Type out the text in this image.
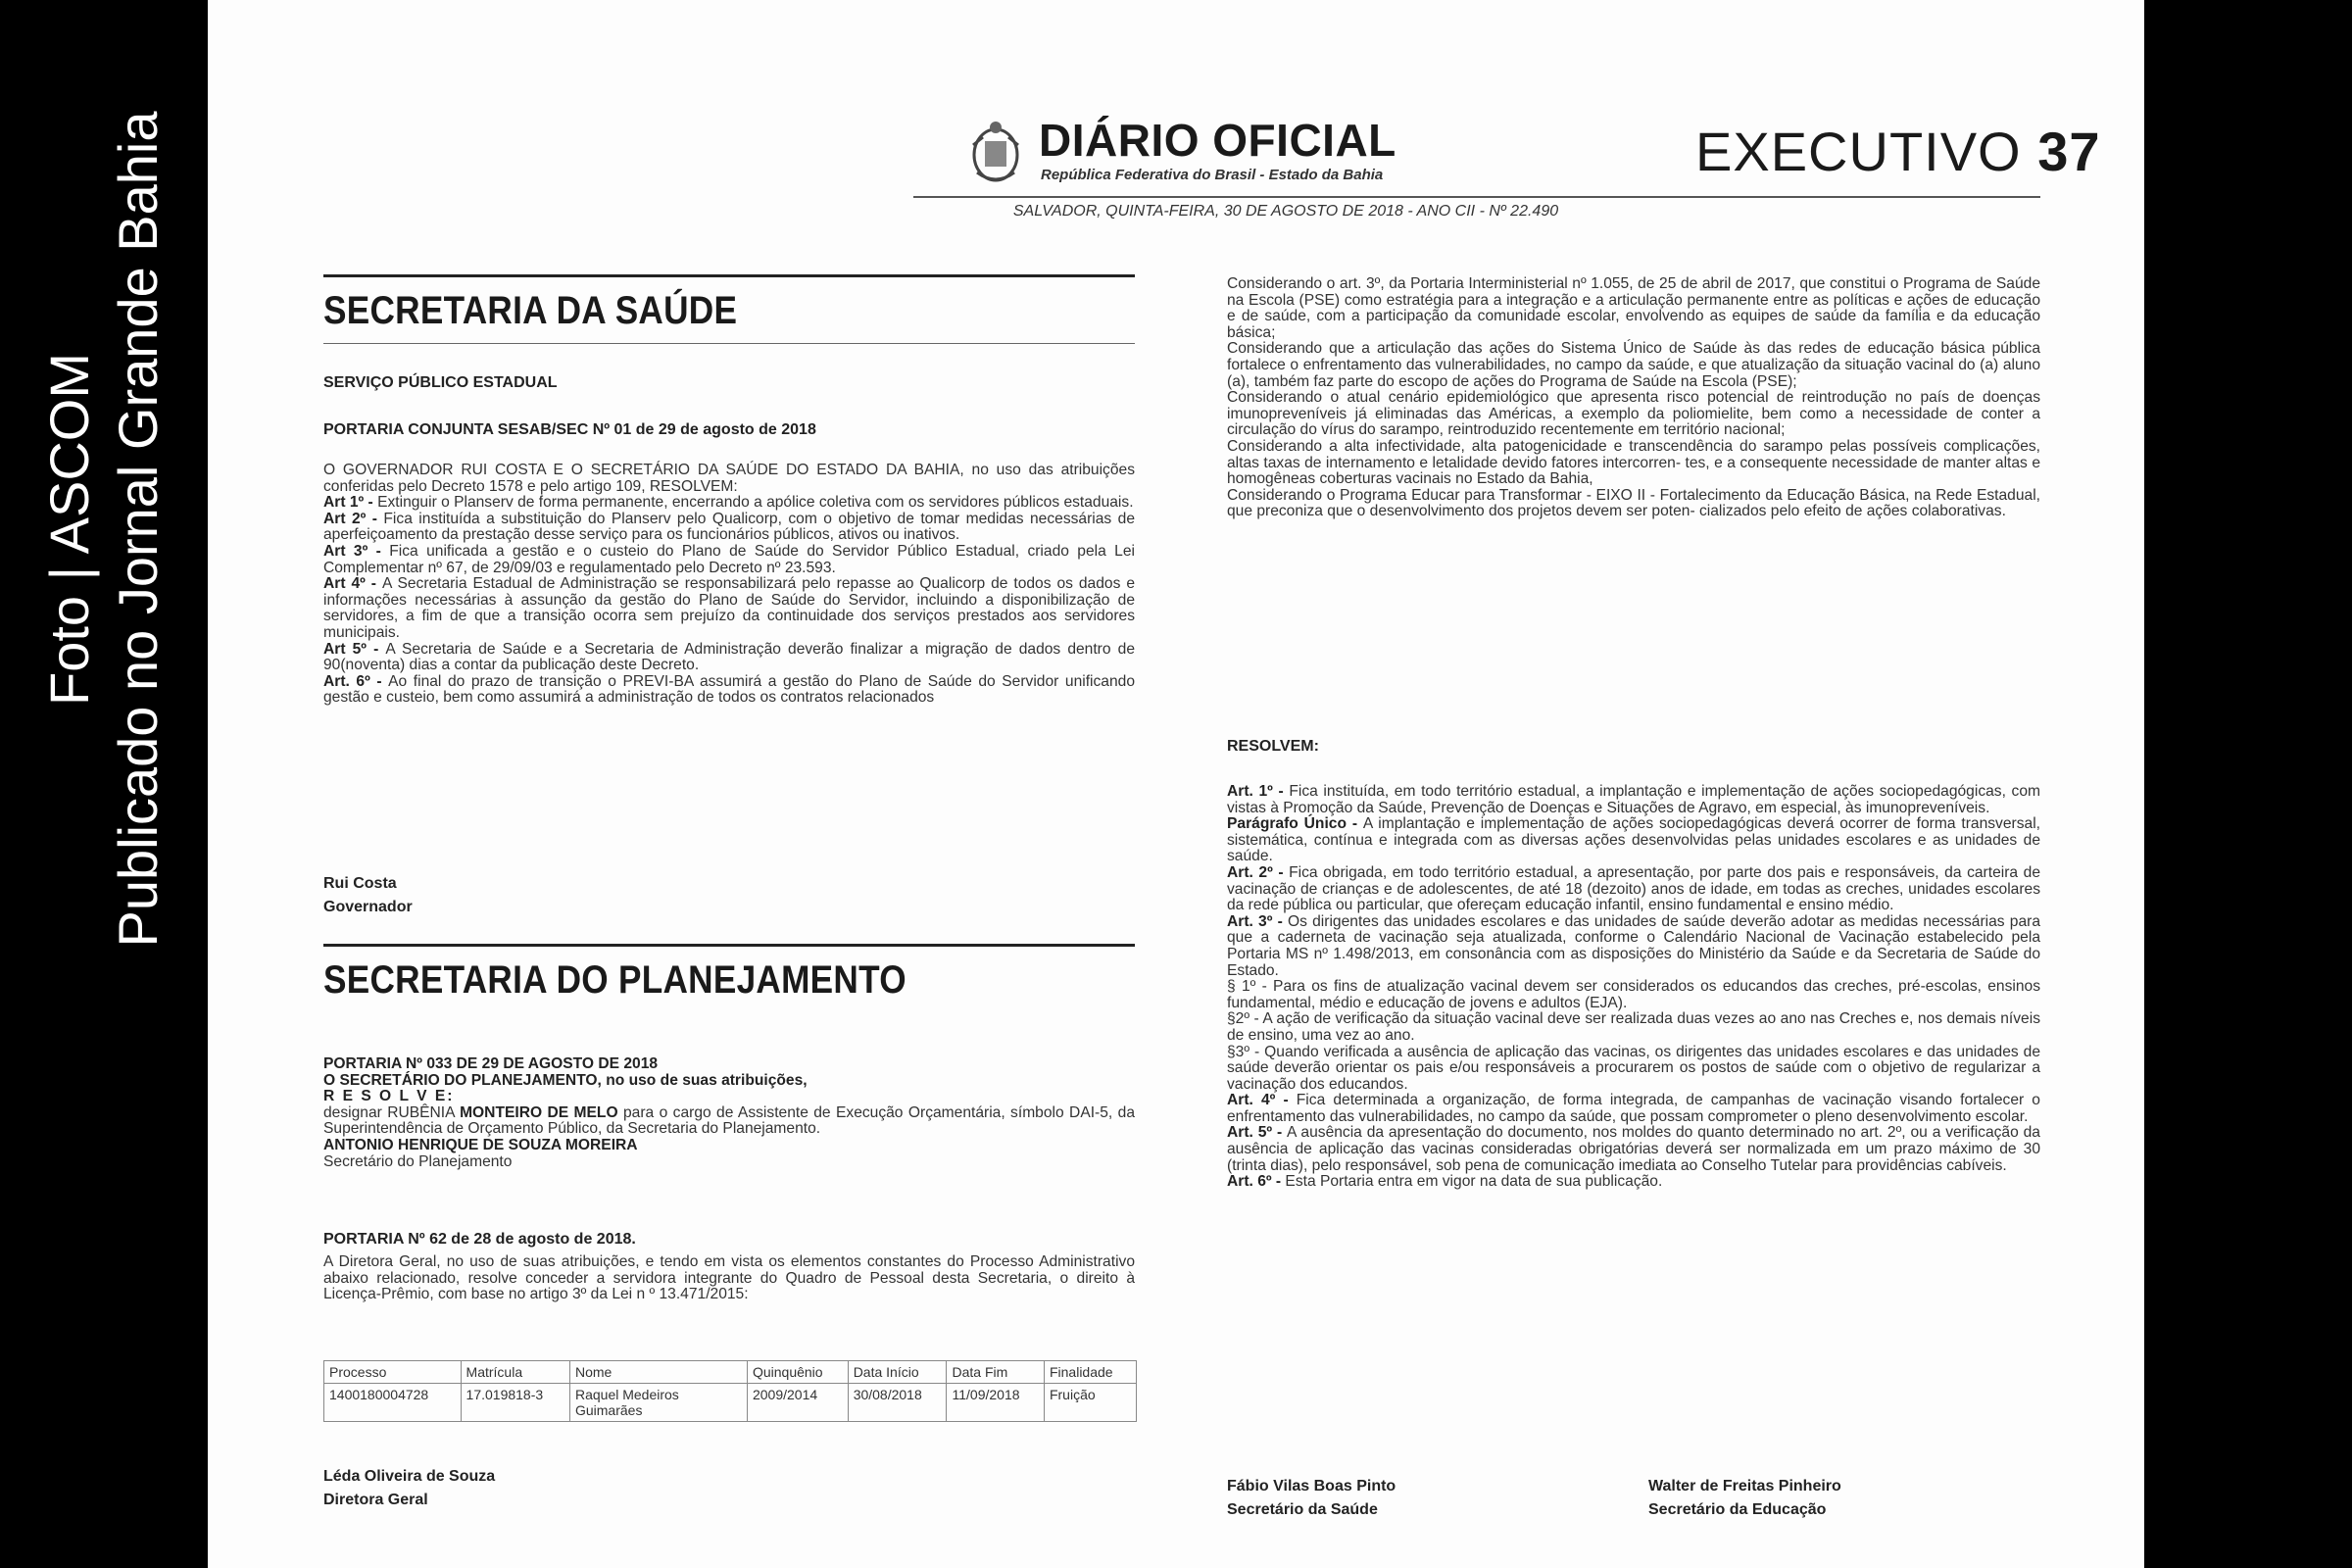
Foto | ASCOM Publicado no Jornal Grande Bahia	DIÁRIO OFICIAL
República Federativa do Brasil - Estado da Bahia	EXECUTIVO 37
SALVADOR, QUINTA-FEIRA, 30 DE AGOSTO DE 2018 - ANO CII - Nº 22.490
SECRETARIA DA SAÚDE
SERVIÇO PÚBLICO ESTADUAL
PORTARIA CONJUNTA SESAB/SEC Nº 01 de 29 de agosto de 2018

O GOVERNADOR RUI COSTA E O SECRETÁRIO DA SAÚDE DO ESTADO DA BAHIA, no uso das atribuições conferidas pelo Decreto 1578 e pelo artigo 109, RESOLVEM:

Art 1º - Extinguir o Planserv de forma permanente, encerrando a apólice coletiva com os servidores públicos estaduais.

Art 2º - Fica instituída a substituição do Planserv pelo Qualicorp, com o objetivo de tomar medidas necessárias de aperfeiçoamento da prestação desse serviço para os funcionários públicos, ativos ou inativos.

Art 3º - Fica unificada a gestão e o custeio do Plano de Saúde do Servidor Público Estadual, criado pela Lei Complementar nº 67, de 29/09/03 e regulamentado pelo Decreto nº 23.593.

Art 4º - A Secretaria Estadual de Administração se responsabilizará pelo repasse ao Qualicorp de todos os dados e informações necessárias à assunção da gestão do Plano de Saúde do Servidor, incluindo a disponibilização de servidores, a fim de que a transição ocorra sem prejuízo da continuidade dos serviços prestados aos servidores municipais.

Art 5º - A Secretaria de Saúde e a Secretaria de Administração deverão finalizar a migração de dados dentro de 90(noventa) dias a contar da publicação deste Decreto.

Art. 6º - Ao final do prazo de transição o PREVI-BA assumirá a gestão do Plano de Saúde do Servidor unificando gestão e custeio, bem como assumirá a administração de todos os contratos relacionados

Rui Costa
Governador
SECRETARIA DO PLANEJAMENTO

PORTARIA Nº 033 DE 29 DE AGOSTO DE 2018

O SECRETÁRIO DO PLANEJAMENTO, no uso de suas atribuições,

R E S O L V E:

designar RUBÊNIA MONTEIRO DE MELO para o cargo de Assistente de Execução Orçamentária, símbolo DAI-5, da Superintendência de Orçamento Público, da Secretaria do Planejamento.

ANTONIO HENRIQUE DE SOUZA MOREIRA

Secretário do Planejamento

PORTARIA Nº 62 de 28 de agosto de 2018.
A Diretora Geral, no uso de suas atribuições, e tendo em vista os elementos constantes do Processo Administrativo abaixo relacionado, resolve conceder a servidora integrante do Quadro de Pessoal desta Secretaria, o direito à Licença-Prêmio, com base no artigo 3º da Lei n º 13.471/2015:
Processo	Matrícula	Nome	Quinquênio	Data Início	Data Fim	Finalidade
1400180004728	17.019818-3	Raquel Medeiros Guimarães	2009/2014	30/08/2018	11/09/2018	Fruição
Léda Oliveira de Souza
Diretora Geral

Considerando o art. 3º, da Portaria Interministerial nº 1.055, de 25 de abril de 2017, que constitui o Programa de Saúde na Escola (PSE) como estratégia para a integração e a articulação permanente entre as políticas e ações de educação e de saúde, com a participação da comunidade escolar, envolvendo as equipes de saúde da família e da educação básica;

Considerando que a articulação das ações do Sistema Único de Saúde às das redes de educação básica pública fortalece o enfrentamento das vulnerabilidades, no campo da saúde, e que atualização da situação vacinal do (a) aluno (a), também faz parte do escopo de ações do Programa de Saúde na Escola (PSE);

Considerando o atual cenário epidemiológico que apresenta risco potencial de reintrodução no país de doenças imunopreveníveis já eliminadas das Américas, a exemplo da poliomielite, bem como a necessidade de conter a circulação do vírus do sarampo, reintroduzido recentemente em território nacional;

Considerando a alta infectividade, alta patogenicidade e transcendência do sarampo pelas possíveis complicações, altas taxas de internamento e letalidade devido fatores intercorren- tes, e a consequente necessidade de manter altas e homogêneas coberturas vacinais no Estado da Bahia,

Considerando o Programa Educar para Transformar - EIXO II - Fortalecimento da Educação Básica, na Rede Estadual, que preconiza que o desenvolvimento dos projetos devem ser poten- cializados pelo efeito de ações colaborativas.

RESOLVEM:

Art. 1º - Fica instituída, em todo território estadual, a implantação e implementação de ações sociopedagógicas, com vistas à Promoção da Saúde, Prevenção de Doenças e Situações de Agravo, em especial, às imunopreveníveis.

Parágrafo Único - A implantação e implementação de ações sociopedagógicas deverá ocorrer de forma transversal, sistemática, contínua e integrada com as diversas ações desenvolvidas pelas unidades escolares e as unidades de saúde.

Art. 2º - Fica obrigada, em todo território estadual, a apresentação, por parte dos pais e responsáveis, da carteira de vacinação de crianças e de adolescentes, de até 18 (dezoito) anos de idade, em todas as creches, unidades escolares da rede pública ou particular, que ofereçam educação infantil, ensino fundamental e ensino médio.

Art. 3º - Os dirigentes das unidades escolares e das unidades de saúde deverão adotar as medidas necessárias para que a caderneta de vacinação seja atualizada, conforme o Calendário Nacional de Vacinação estabelecido pela Portaria MS nº 1.498/2013, em consonância com as disposições do Ministério da Saúde e da Secretaria de Saúde do Estado.

§ 1º - Para os fins de atualização vacinal devem ser considerados os educandos das creches, pré-escolas, ensinos fundamental, médio e educação de jovens e adultos (EJA).

§2º - A ação de verificação da situação vacinal deve ser realizada duas vezes ao ano nas Creches e, nos demais níveis de ensino, uma vez ao ano.

§3º - Quando verificada a ausência de aplicação das vacinas, os dirigentes das unidades escolares e das unidades de saúde deverão orientar os pais e/ou responsáveis a procurarem os postos de saúde com o objetivo de regularizar a vacinação dos educandos.

Art. 4º - Fica determinada a organização, de forma integrada, de campanhas de vacinação visando fortalecer o enfrentamento das vulnerabilidades, no campo da saúde, que possam comprometer o pleno desenvolvimento escolar.

Art. 5º - A ausência da apresentação do documento, nos moldes do quanto determinado no art. 2º, ou a verificação da ausência de aplicação das vacinas consideradas obrigatórias deverá ser normalizada em um prazo máximo de 30 (trinta dias), pelo responsável, sob pena de comunicação imediata ao Conselho Tutelar para providências cabíveis.

Art. 6º - Esta Portaria entra em vigor na data de sua publicação.

Fábio Vilas Boas Pinto
Secretário da Saúde
Walter de Freitas Pinheiro
Secretário da Educação
